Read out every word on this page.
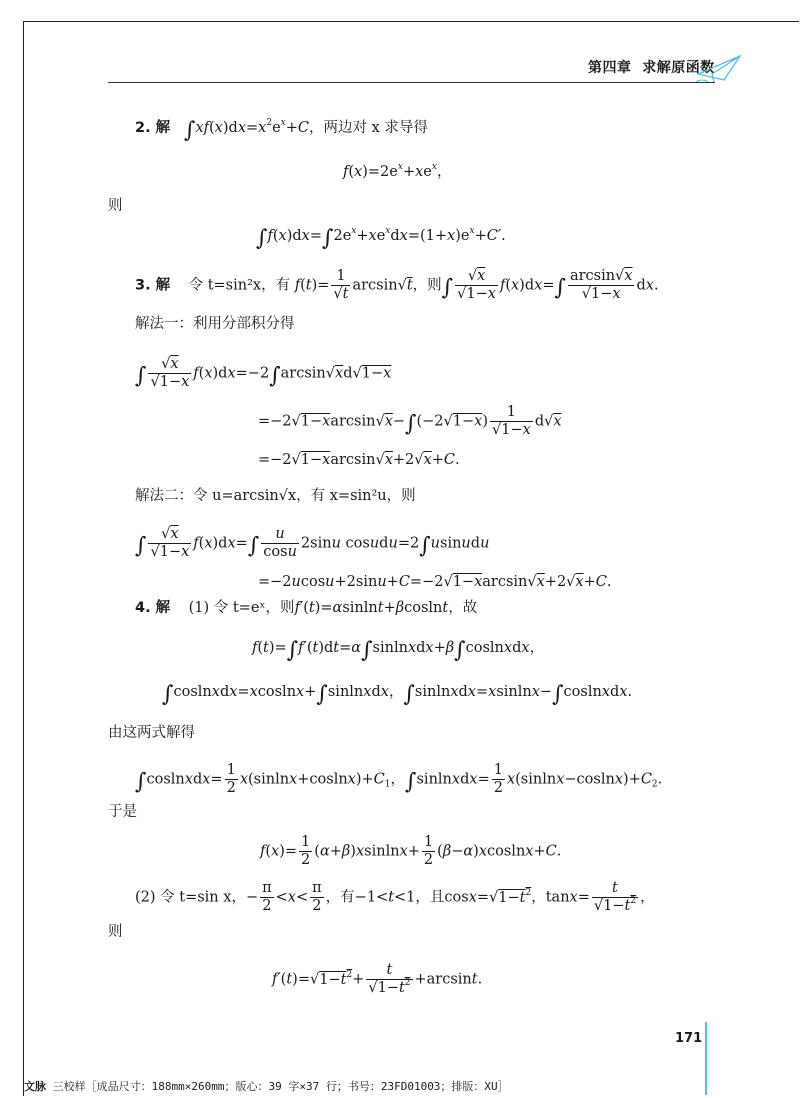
第四章 求解原函数
2. 解 $\int xf(x)dx=x^2e^x+C$，两边对 x 求导得
$f(x)=2e^x+xe^x$，
则
$\int f(x)dx=\int 2e^x+xe^xdx=(1+x)e^x+C'$.
3. 解 令 t=sin²x，有 $f(t)= \frac{1}{√t} \arcsin√t$，则∫ $\frac{√x}{√1-x} f(x)dx=\int \frac{\arcsin√x}{√1-x}$ dx.
解法一：利用分部积分得
∫ $\frac{√x}{√1-x} f(x)dx=-2\int\arcsin√xd√1-x$
$=-2√1-xarcsin√x-\int(-2√1-x) \frac{1}{√1-x} d√x$
=−2√1−xarcsin√x+2√x+C.
解法二：令 u=arcsin√x，有 x=sin²u，则
∫ $\frac{√x}{√1-x} f(x)dx=\int \frac{u}{\cos u} 2\sin u$ cosudu=2∫usinudu
=−2ucosu+2sinu+C=−2√1−xarcsin√x+2√x+C.
4. 解 (1) 令 t=eˣ，则f′(t)=αsinlnt+βcoslnt，故
f(t)=∫f′(t)dt=α∫sinlnxdx+β∫coslnxdx，
∫coslnxdx=xcoslnx+∫sinlnxdx，∫sinlnxdx=xsinlnx−∫coslnxdx.
由这两式解得
∫coslnxdx= $\frac{1}{2} x(sinlnx+coslnx)+C_1$，∫sinlnxdx= $\frac{1}{2} x(sinlnx-coslnx)+C_2$.
于是
$f(x)= \frac{1}{2}$ (α+β)xsinlnx+ $\frac{1}{2}$ (β−α)xcoslnx+C.
(2) 令 t=sin x，− $\frac{\pi}{2} <x< \frac{\pi}{2}$ ，有−1<t<1，且$\cos x=√1-t^2$，$\tan x= \frac{t}{√1-t^2}$ ，
则
$f'(t)=√1-t^2+ \frac{t}{√1-t^2} +\arcsin t$.
171
文脉 三校样［成品尺寸：188mm×260mm；版心：39 字×37 行；书号：23FD01003；排版：XU］
